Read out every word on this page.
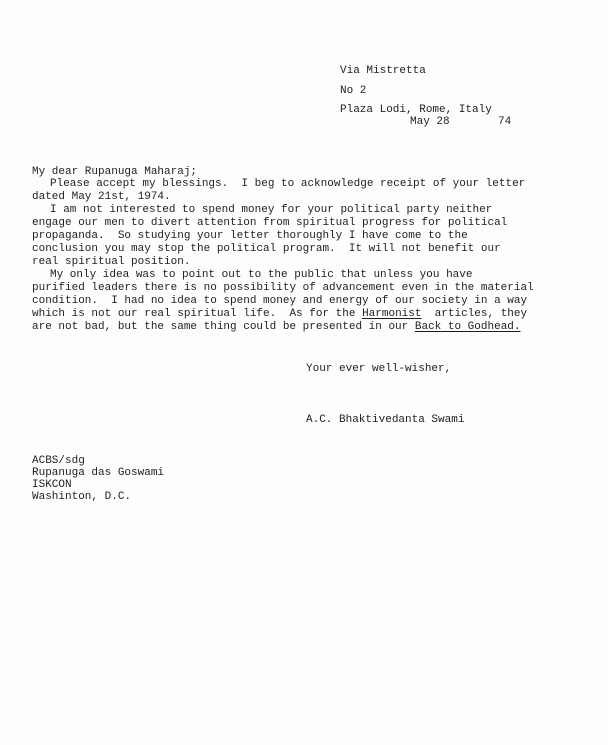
Via Mistretta
No 2
Plaza Lodi, Rome, Italy
May 28	74
My dear Rupanuga Maharaj;
Please accept my blessings.  I beg to acknowledge receipt of your letter
dated May 21st, 1974.
I am not interested to spend money for your political party neither
engage our men to divert attention from spiritual progress for political
propaganda.  So studying your letter thoroughly I have come to the
conclusion you may stop the political program.  It will not benefit our
real spiritual position.
My only idea was to point out to the public that unless you have
purified leaders there is no possibility of advancement even in the material
condition.  I had no idea to spend money and energy of our society in a way
which is not our real spiritual life.  As for the Harmonist  articles, they
are not bad, but the same thing could be presented in our Back to Godhead.
Your ever well-wisher,
A.C. Bhaktivedanta Swami
ACBS/sdg
Rupanuga das Goswami
ISKCON
Washinton, D.C.
